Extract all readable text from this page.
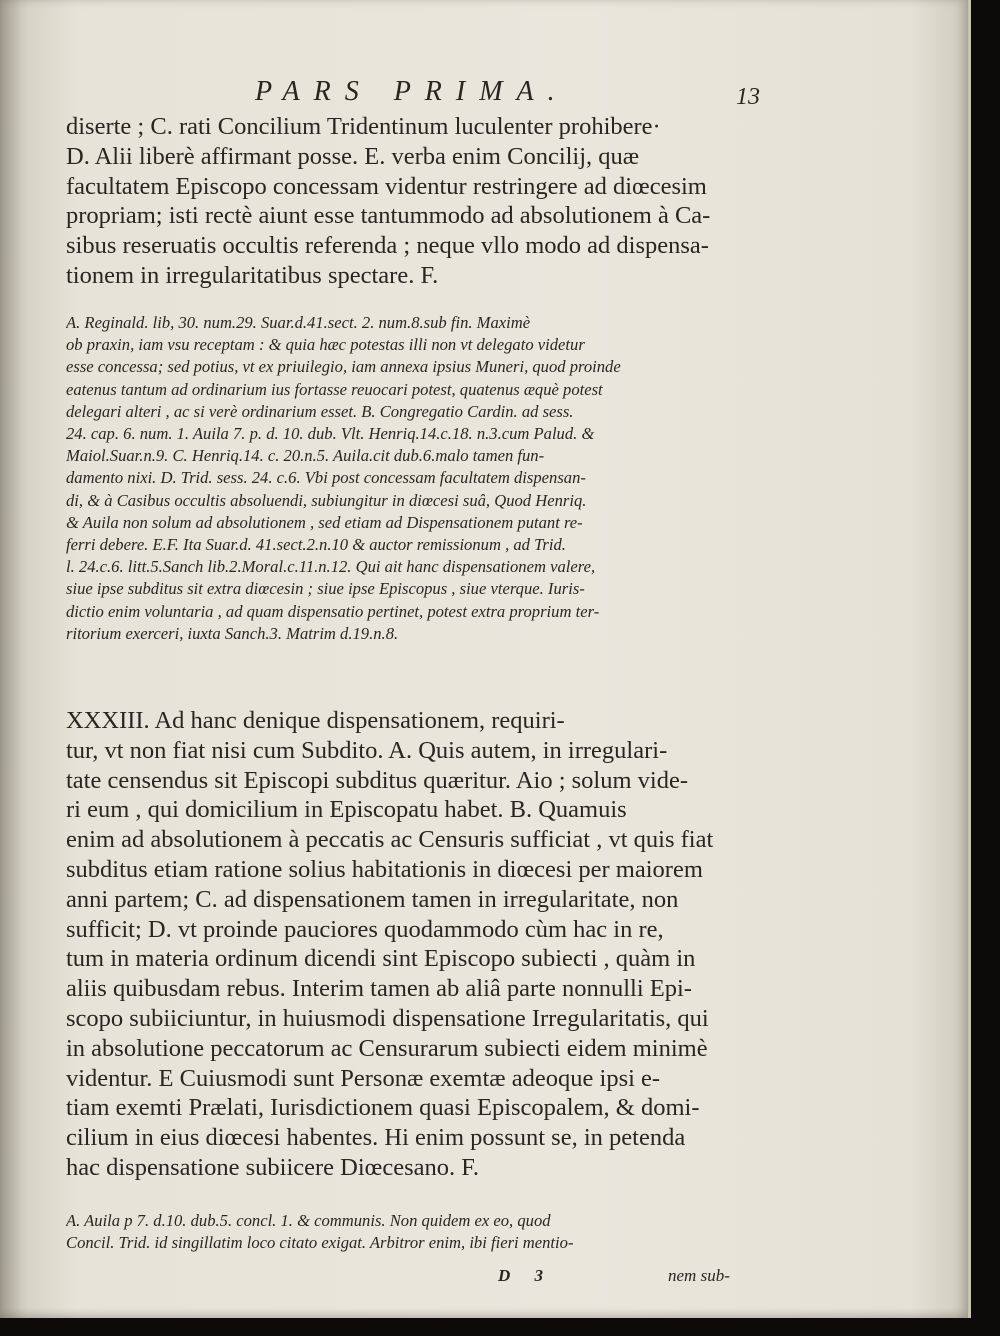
PARS PRIMA.	13
diserte ; C. rati Concilium Tridentinum luculenter prohibere·
D. Alii liberè affirmant posse. E. verba enim Concilij, quæ
facultatem Episcopo concessam videntur restringere ad diœcesim
propriam; isti rectè aiunt esse tantummodo ad absolutionem à Ca-
sibus reseruatis occultis referenda ; neque vllo modo ad dispensa-
tionem in irregularitatibus spectare. F.
A. Reginald. lib, 30. num.29. Suar.d.41.sect. 2. num.8.sub fin. Maximè
ob praxin, iam vsu receptam : & quia hæc potestas illi non vt delegato videtur
esse concessa; sed potius, vt ex priuilegio, iam annexa ipsius Muneri, quod proinde
eatenus tantum ad ordinarium ius fortasse reuocari potest, quatenus æquè potest
delegari alteri , ac si verè ordinarium esset. B. Congregatio Cardin. ad sess.
24. cap. 6. num. 1. Auila 7. p. d. 10. dub. Vlt. Henriq.14.c.18. n.3.cum Palud. &
Maiol.Suar.n.9. C. Henriq.14. c. 20.n.5. Auila.cit dub.6.malo tamen fun-
damento nixi. D. Trid. sess. 24. c.6. Vbi post concessam facultatem dispensan-
di, & à Casibus occultis absoluendi, subiungitur in diœcesi suâ, Quod Henriq.
& Auila non solum ad absolutionem , sed etiam ad Dispensationem putant re-
ferri debere. E.F. Ita Suar.d. 41.sect.2.n.10 & auctor remissionum , ad Trid.
l. 24.c.6. litt.5.Sanch lib.2.Moral.c.11.n.12. Qui ait hanc dispensationem valere,
siue ipse subditus sit extra diœcesin ; siue ipse Episcopus , siue vterque. Iuris-
dictio enim voluntaria , ad quam dispensatio pertinet, potest extra proprium ter-
ritorium exerceri, iuxta Sanch.3. Matrim d.19.n.8.
XXXIII. Ad hanc denique dispensationem, requiri-
tur, vt non fiat nisi cum Subdito. A. Quis autem, in irregulari-
tate censendus sit Episcopi subditus quæritur. Aio ; solum vide-
ri eum , qui domicilium in Episcopatu habet. B. Quamuis
enim ad absolutionem à peccatis ac Censuris sufficiat , vt quis fiat
subditus etiam ratione solius habitationis in diœcesi per maiorem
anni partem; C. ad dispensationem tamen in irregularitate, non
sufficit; D. vt proinde pauciores quodammodo cùm hac in re,
tum in materia ordinum dicendi sint Episcopo subiecti , quàm in
aliis quibusdam rebus. Interim tamen ab aliâ parte nonnulli Epi-
scopo subiiciuntur, in huiusmodi dispensatione Irregularitatis, qui
in absolutione peccatorum ac Censurarum subiecti eidem minimè
videntur. E Cuiusmodi sunt Personæ exemtæ adeoque ipsi e-
tiam exemti Prælati, Iurisdictionem quasi Episcopalem, & domi-
cilium in eius diœcesi habentes. Hi enim possunt se, in petenda
hac dispensatione subiicere Diœcesano. F.
A. Auila p 7. d.10. dub.5. concl. 1. & communis. Non quidem ex eo, quod
Concil. Trid. id singillatim loco citato exigat. Arbitror enim, ibi fieri mentio-
D 3	nem sub-
